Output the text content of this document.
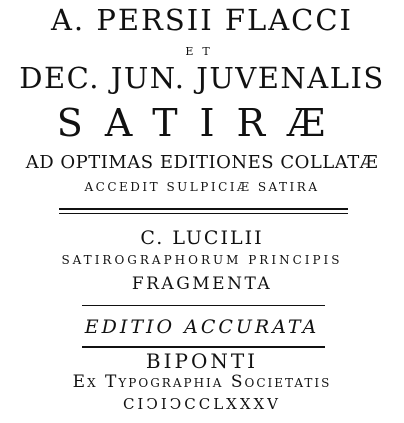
A. PERSII FLACCI
ET
DEC. JUN. JUVENALIS
SATIRÆ
AD OPTIMAS EDITIONES COLLATÆ
ACCEDIT SULPICIÆ SATIRA
C. LUCILII
SATIROGRAPHORUM PRINCIPIS
FRAGMENTA
EDITIO ACCURATA
BIPONTI
Ex Typographia Societatis
CIↃIↃCCLXXXV
